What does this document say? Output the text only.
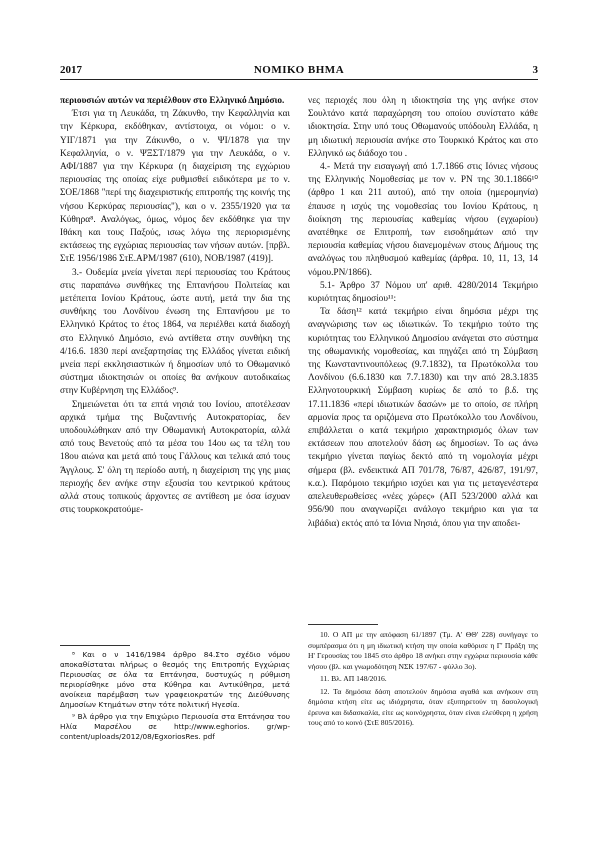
2017	ΝΟΜΙΚΟ ΒΗΜΑ	3

περιουσιών αυτών να περιέλθουν στο Ελληνικό Δημόσιο.

Έτσι για τη Λευκάδα, τη Ζάκυνθο, την Κεφαλληνία και την Κέρκυρα, εκδόθηκαν, αντίστοιχα, οι νόμοι: ο ν. ΥΙΓ/1871 για την Ζάκυνθο, ο ν. ΨΙ/1878 για την Κεφαλληνία, ο ν. ΨΞΣΤ/1879 για την Λευκάδα, ο ν. ΑΦΙ/1887 για την Κέρκυρα (η διαχείριση της εγχώριου περιουσίας της οποίας είχε ρυθμισθεί ειδικότερα με το ν. ΣΟΕ/1868 "περί της διαχειριστικής επιτροπής της κοινής της νήσου Κερκύρας περιουσίας"), και ο ν. 2355/1920 για τα Κύθηρα⁸. Αναλόγως, όμως, νόμος δεν εκδόθηκε για την Ιθάκη και τους Παξούς, ισως λόγω της περιορισμένης εκτάσεως της εγχώριας περιουσίας των νήσων αυτών. [πρβλ. ΣτΕ 1956/1986 ΣτΕ.ΑΡΜ/1987 (610), ΝΟΒ/1987 (419)].

3.- Ουδεμία μνεία γίνεται περί περιουσίας του Κράτους στις παραπάνω συνθήκες της Επτανήσου Πολιτείας και μετέπειτα Ιονίου Κράτους, ώστε αυτή, μετά την δια της συνθήκης του Λονδίνου ένωση της Επτανήσου με το Ελληνικό Κράτος το έτος 1864, να περιέλθει κατά διαδοχή στο Ελληνικό Δημόσιο, ενώ αντίθετα στην συνθήκη της 4/16.6. 1830 περί ανεξαρτησίας της Ελλάδος γίνεται ειδική μνεία περί εκκλησιαστικών ή δημοσίων υπό το Οθωμανικό σύστημα ιδιοκτησιών οι οποίες θα ανήκουν αυτοδικαίως στην Κυβέρνηση της Ελλάδος⁹.

Σημειώνεται ότι τα επτά νησιά του Ιονίου, αποτέλεσαν αρχικά τμήμα της Βυζαντινής Αυτοκρατορίας, δεν υποδουλώθηκαν από την Οθωμανική Αυτοκρατορία, αλλά από τους Βενετούς από τα μέσα του 14ου ως τα τέλη του 18ου αιώνα και μετά από τους Γάλλους και τελικά από τους Άγγλους. Σ' όλη τη περίοδο αυτή, η διαχείριση της γης μιας περιοχής δεν ανήκε στην εξουσία του κεντρικού κράτους αλλά στους τοπικούς άρχοντες σε αντίθεση με όσα ίσχυαν στις τουρκοκρατούμε-

νες περιοχές που όλη η ιδιοκτησία της γης ανήκε στον Σουλτάνο κατά παραχώρηση του οποίου συνίστατο κάθε ιδιοκτησία. Στην υπό τους Οθωμανούς υπόδουλη Ελλάδα, η μη ιδιωτική περιουσία ανήκε στο Τουρκικό Κράτος και στο Ελληνικό ως διάδοχο του .

4.- Μετά την εισαγωγή από 1.7.1866 στις Ιόνιες νήσους της Ελληνικής Νομοθεσίας με τον ν. ΡΝ της 30.1.1866¹⁰ (άρθρο 1 και 211 αυτού), από την οποία (ημερομηνία) έπαυσε η ισχύς της νομοθεσίας του Ιονίου Κράτους, η διοίκηση της περιουσίας καθεμίας νήσου (εγχωρίου) ανατέθηκε σε Επιτροπή, των εισοδημάτων από την περιουσία καθεμίας νήσου διανεμομένων στους Δήμους της αναλόγως του πληθυσμού καθεμίας (άρθρα. 10, 11, 13, 14 νόμου.ΡΝ/1866).

5.1- Άρθρο 37 Νόμου υπ' αριθ. 4280/2014 Τεκμήριο κυριότητας δημοσίου¹¹:

Τα δάση¹² κατά τεκμήριο είναι δημόσια μέχρι της αναγνώρισης των ως ιδιωτικών. Το τεκμήριο τούτο της κυριότητας του Ελληνικού Δημοσίου ανάγεται στο σύστημα της οθωμανικής νομοθεσίας, και πηγάζει από τη Σύμβαση της Κωνσταντινουπόλεως (9.7.1832), τα Πρωτόκολλα του Λονδίνου (6.6.1830 και 7.7.1830) και την από 28.3.1835 Ελληνοτουρκική Σύμβαση κυρίως δε από το β.δ. της 17.11.1836 «περί ιδιωτικών δασών» με το οποίο, σε πλήρη αρμονία προς τα οριζόμενα στο Πρωτόκολλο του Λονδίνου, επιβάλλεται ο κατά τεκμήριο χαρακτηρισμός όλων των εκτάσεων που αποτελούν δάση ως δημοσίων. Το ως άνω τεκμήριο γίνεται παγίως δεκτό από τη νομολογία μέχρι σήμερα (βλ. ενδεικτικά ΑΠ 701/78, 76/87, 426/87, 191/97, κ.α.). Παρόμοιο τεκμήριο ισχύει και για τις μεταγενέστερα απελευθερωθείσες «νέες χώρες» (ΑΠ 523/2000 αλλά και 956/90 που αναγνωρίζει ανάλογο τεκμήριο και για τα λιβάδια) εκτός από τα Ιόνια Νησιά, όπου για την αποδει-

⁸ Και ο ν 1416/1984 άρθρο 84.Στο σχέδιο νόμου αποκαθίσταται πλήρως ο θεσμός της Επιτροπής Εγχώριας Περιουσίας σε όλα τα Επτάνησα, δυστυχώς η ρύθμιση περιορίσθηκε μόνο στα Κύθηρα και Αντικύθηρα, μετά ανοίκεια παρέμβαση των γραφειοκρατών της Διεύθυνσης Δημοσίων Κτημάτων στην τότε πολιτική Ηγεσία.

⁹ Βλ άρθρο για την Επιχώριο Περιουσία στα Επτάνησα του Ηλία Μαρσέλου σε http://www.eghorios. gr/wp-content/uploads/2012/08/EgxoriosRes. pdf

10. Ο ΑΠ με την απόφαση 61/1897 (Τμ. Α' ΘΘ' 228) συνήγαγε το συμπέρασμα ότι η μη ιδιωτική κτήση την οποία καθόρισε η Γ' Πράξη της Η' Γερουσίας του 1845 στο άρθρο 18 ανήκει στην εγχώρια περιουσία κάθε νήσου (βλ. και γνωμοδότηση ΝΣΚ 197/67 - φύλλο 3ο).

11. Βλ. ΑΠ 148/2016.

12. Τα δημόσια δάση αποτελούν δημόσια αγαθά και ανήκουν στη δημόσια κτήση είτε ως ιδιόχρηστα, όταν εξυπηρετούν τη δασολογική έρευνα και διδασκαλία, είτε ως κοινόχρηστα, όταν είναι ελεύθερη η χρήση τους από το κοινό (ΣτΕ 805/2016).
